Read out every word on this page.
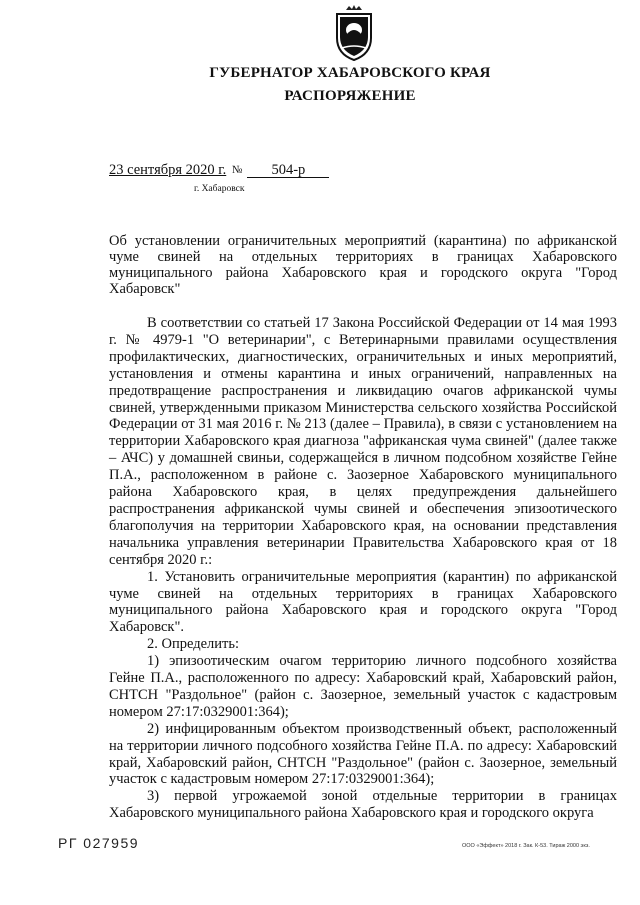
ГУБЕРНАТОР ХАБАРОВСКОГО КРАЯ
РАСПОРЯЖЕНИЕ
23 сентября 2020 г. № 504-р
г. Хабаровск
Об установлении ограничительных мероприятий (карантина) по африканской чуме свиней на отдельных территориях в границах Хабаровского муниципального района Хабаровского края и городского округа "Город Хабаровск"

В соответствии со статьей 17 Закона Российской Федерации от 14 мая 1993 г. № 4979-1 "О ветеринарии", с Ветеринарными правилами осуществления профилактических, диагностических, ограничительных и иных мероприятий, установления и отмены карантина и иных ограничений, направленных на предотвращение распространения и ликвидацию очагов африканской чумы свиней, утвержденными приказом Министерства сельского хозяйства Российской Федерации от 31 мая 2016 г. № 213 (далее – Правила), в связи с установлением на территории Хабаровского края диагноза "африканская чума свиней" (далее также – АЧС) у домашней свиньи, содержащейся в личном подсобном хозяйстве Гейне П.А., расположенном в районе с. Заозерное Хабаровского муниципального района Хабаровского края, в целях предупреждения дальнейшего распространения африканской чумы свиней и обеспечения эпизоотического благополучия на территории Хабаровского края, на основании представления начальника управления ветеринарии Правительства Хабаровского края от 18 сентября 2020 г.:

1. Установить ограничительные мероприятия (карантин) по африканской чуме свиней на отдельных территориях в границах Хабаровского муниципального района Хабаровского края и городского округа "Город Хабаровск".

2. Определить:

1) эпизоотическим очагом территорию личного подсобного хозяйства Гейне П.А., расположенного по адресу: Хабаровский край, Хабаровский район, СНТСН "Раздольное" (район с. Заозерное, земельный участок с кадастровым номером 27:17:0329001:364);

2) инфицированным объектом производственный объект, расположенный на территории личного подсобного хозяйства Гейне П.А. по адресу: Хабаровский край, Хабаровский район, СНТСН "Раздольное" (район с. Заозерное, земельный участок с кадастровым номером 27:17:0329001:364);

3) первой угрожаемой зоной отдельные территории в границах Хабаровского муниципального района Хабаровского края и городского округа

РГ 027959	ООО «Эффект» 2018 г. Зак. К-53. Тираж 2000 экз.
